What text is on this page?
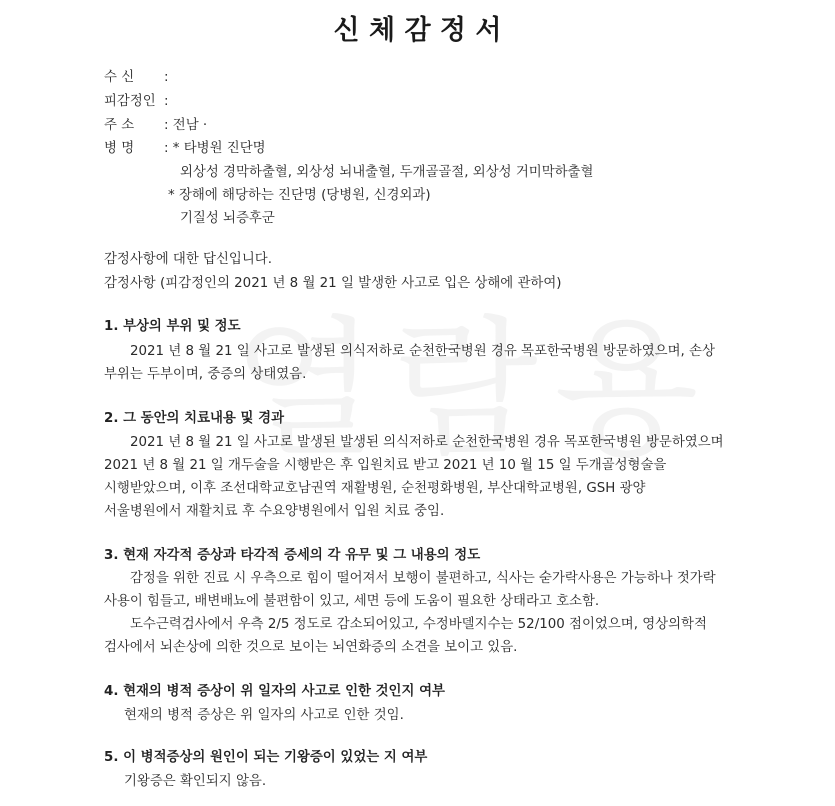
신 체 감 정 서
수 신 :
피감정인 :
주 소 : 전남 ·
병 명 : * 타병원 진단명
외상성 경막하출혈, 외상성 뇌내출혈, 두개골골절, 외상성 거미막하출혈
* 장해에 해당하는 진단명 (당병원, 신경외과)
기질성 뇌증후군
감정사항에 대한 답신입니다.
감정사항 (피감정인의 2021 년 8 월 21 일 발생한 사고로 입은 상해에 관하여)
1. 부상의 부위 및 정도
2021 년 8 월 21 일 사고로 발생된 의식저하로 순천한국병원 경유 목포한국병원 방문하였으며, 손상
부위는 두부이며, 중증의 상태였음.
2. 그 동안의 치료내용 및 경과
2021 년 8 월 21 일 사고로 발생된 발생된 의식저하로 순천한국병원 경유 목포한국병원 방문하였으며
2021 년 8 월 21 일 개두술을 시행받은 후 입원치료 받고 2021 년 10 월 15 일 두개골성형술을
시행받았으며, 이후 조선대학교호남권역 재활병원, 순천평화병원, 부산대학교병원, GSH 광양
서울병원에서 재활치료 후 수요양병원에서 입원 치료 중임.
3. 현재 자각적 증상과 타각적 증세의 각 유무 및 그 내용의 정도
감정을 위한 진료 시 우측으로 힘이 떨어져서 보행이 불편하고, 식사는 숟가락사용은 가능하나 젓가락
사용이 힘들고, 배변배뇨에 불편함이 있고, 세면 등에 도움이 필요한 상태라고 호소함.
도수근력검사에서 우측 2/5 정도로 감소되어있고, 수정바델지수는 52/100 점이었으며, 영상의학적
검사에서 뇌손상에 의한 것으로 보이는 뇌연화증의 소견을 보이고 있음.
4. 현재의 병적 증상이 위 일자의 사고로 인한 것인지 여부
현재의 병적 증상은 위 일자의 사고로 인한 것임.
5. 이 병적증상의 원인이 되는 기왕증이 있었는 지 여부
기왕증은 확인되지 않음.
